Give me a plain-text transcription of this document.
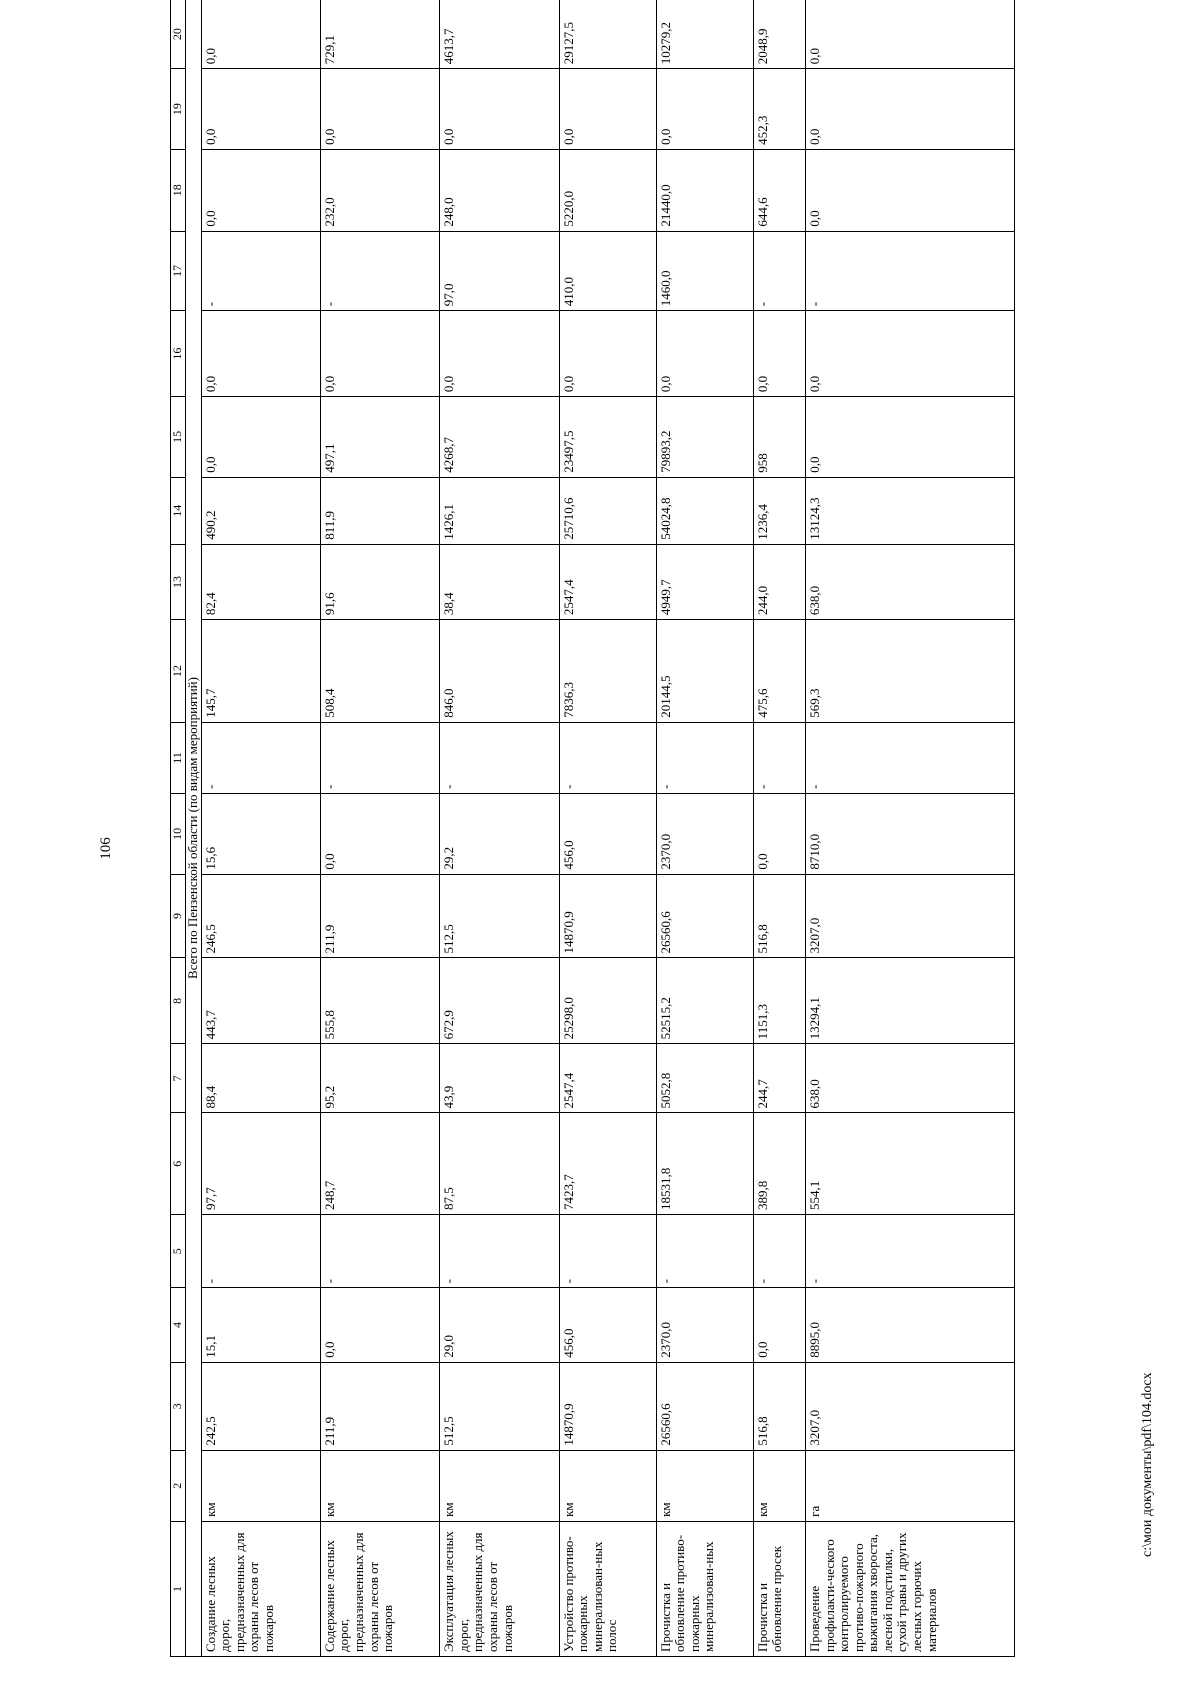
106
1	2	3	4	5	6	7	8	9	10	11	12	13	14	15	16	17	18	19	20
Всего по Пензенской области (по видам мероприятий)																			
Создание лесных дорог, предназначенных для охраны лесов от пожаров	км	242,5	15,1	-	97,7	88,4	443,7	246,5	15,6	-	145,7	82,4	490,2	0,0	0,0	-	0,0	0,0	0,0
Содержание лесных дорог, предназначенных для охраны лесов от пожаров	км	211,9	0,0	-	248,7	95,2	555,8	211,9	0,0	-	508,4	91,6	811,9	497,1	0,0	-	232,0	0,0	729,1
Эксплуатация лесных дорог, предназначенных для охраны лесов от пожаров	км	512,5	29,0	-	87,5	43,9	672,9	512,5	29,2	-	846,0	38,4	1426,1	4268,7	0,0	97,0	248,0	0,0	4613,7
Устройство противо-пожарных минерализован-ных полос	км	14870,9	456,0	-	7423,7	2547,4	25298,0	14870,9	456,0	-	7836,3	2547,4	25710,6	23497,5	0,0	410,0	5220,0	0,0	29127,5
Прочистка и обновление противо-пожарных минерализован-ных	км	26560,6	2370,0	-	18531,8	5052,8	52515,2	26560,6	2370,0	-	20144,5	4949,7	54024,8	79893,2	0,0	1460,0	21440,0	0,0	10279,2
Прочистка и обновление просек	км	516,8	0,0	-	389,8	244,7	1151,3	516,8	0,0	-	475,6	244,0	1236,4	958	0,0	-	644,6	452,3	2048,9
Проведение профилакти-ческого контролируемого противо-пожарного выжигания хвороста, лесной подстилки, сухой травы и других лесных горючих материалов	га	3207,0	8895,0	-	554,1	638,0	13294,1	3207,0	8710,0	-	569,3	638,0	13124,3	0,0	0,0	-	0,0	0,0	0,0
c:\мои документы\pdf\104.docx
